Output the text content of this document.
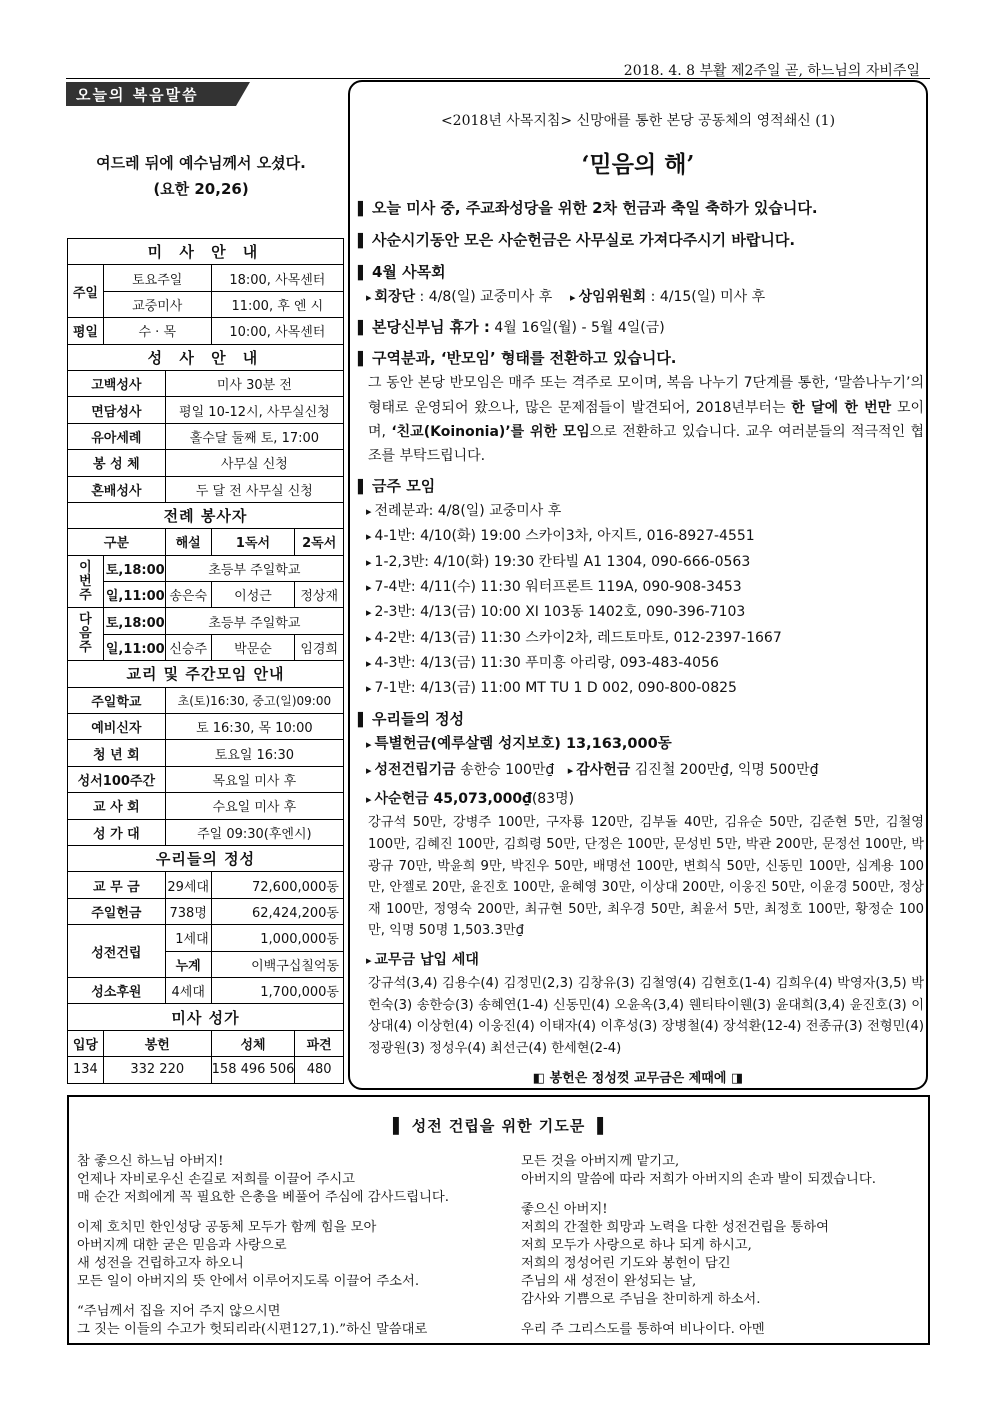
2018. 4. 8 부활 제2주일 곧, 하느님의 자비주일
오늘의 복음말씀
여드레 뒤에 예수님께서 오셨다.
(요한 20,26)
미 사 안 내				
주일	토요주일		18:00, 사목센터	
	교중미사		11:00, 후 엔 시	
평일	수 · 목		10:00, 사목센터	
성 사 안 내				
고백성사		미사 30분 전		
면담성사		평일 10-12시, 사무실신청		
유아세례		홀수달 둘째 토, 17:00		
봉 성 체		사무실 신청		
혼배성사		두 달 전 사무실 신청		
전례 봉사자				
구분		해설	1독서	2독서

이번주	토,18:00	초등부 주일학교		
	일,11:00	송은숙	이성근	정상재

다음주	토,18:00	초등부 주일학교		
	일,11:00	신승주	박문순	임경희
교리 및 주간모임 안내				
주일학교		초(토)16:30, 중고(일)09:00		
예비신자		토 16:30, 목 10:00		
청 년 회		토요일 16:30		
성서100주간		목요일 미사 후		
교 사 회		수요일 미사 후		
성 가 대		주일 09:30(후엔시)		
우리들의 정성				
교 무 금		29세대	72,600,000동	
주일헌금		738명	62,424,200동	
성전건립		1세대	1,000,000동	
		누계	이백구십칠억동	
성소후원		4세대	1,700,000동	
미사 성가				
입당	봉헌		성체	파견
134	332 220		158 496 506	480
<2018년 사목지침> 신망애를 통한 본당 공동체의 영적쇄신 (1)
‘믿음의 해’

▌ 오늘 미사 중, 주교좌성당을 위한 2차 헌금과 축일 축하가 있습니다.

▌ 사순시기동안 모은 사순헌금은 사무실로 가져다주시기 바랍니다.

▌ 4월 사목회

▸ 회장단 : 4/8(일) 교중미사 후 ▸ 상임위원회 : 4/15(일) 미사 후

▌ 본당신부님 휴가 : 4월 16일(월) - 5월 4일(금)

▌ 구역분과, ‘반모임’ 형태를 전환하고 있습니다.

그 동안 본당 반모임은 매주 또는 격주로 모이며, 복음 나누기 7단계를 통한, ‘말씀나누기’의 형태로 운영되어 왔으나, 많은 문제점들이 발견되어, 2018년부터는 한 달에 한 번만 모이며, ‘친교(Koinonia)’를 위한 모임으로 전환하고 있습니다. 교우 여러분들의 적극적인 협조를 부탁드립니다.

▌ 금주 모임

▸ 전례분과: 4/8(일) 교중미사 후

▸ 4-1반: 4/10(화) 19:00 스카이3차, 아지트, 016-8927-4551

▸ 1-2,3반: 4/10(화) 19:30 칸타빌 A1 1304, 090-666-0563

▸ 7-4반: 4/11(수) 11:30 워터프론트 119A, 090-908-3453

▸ 2-3반: 4/13(금) 10:00 XI 103동 1402호, 090-396-7103

▸ 4-2반: 4/13(금) 11:30 스카이2차, 레드토마토, 012-2397-1667

▸ 4-3반: 4/13(금) 11:30 푸미흥 아리랑, 093-483-4056

▸ 7-1반: 4/13(금) 11:00 MT TU 1 D 002, 090-800-0825

▌ 우리들의 정성

▸ 특별헌금(예루살렘 성지보호) 13,163,000동

▸ 성전건립기금 송한승 100만₫ ▸ 감사헌금 김진철 200만₫, 익명 500만₫

▸ 사순헌금 45,073,000₫(83명)

강규석 50만, 강병주 100만, 구자룡 120만, 김부돌 40만, 김유순 50만, 김준현 5만, 김철영 100만, 김혜진 100만, 김희령 50만, 단정은 100만, 문성빈 5만, 박관 200만, 문정선 100만, 박광규 70만, 박윤희 9만, 박진우 50만, 배명선 100만, 변희식 50만, 신동민 100만, 심계용 100만, 안젤로 20만, 윤진호 100만, 윤혜영 30만, 이상대 200만, 이웅진 50만, 이윤경 500만, 정상재 100만, 정영숙 200만, 최규현 50만, 최우경 50만, 최윤서 5만, 최정호 100만, 황정순 100만, 익명 50명 1,503.3만₫

▸ 교무금 납입 세대

강규석(3,4) 김용수(4) 김정민(2,3) 김창유(3) 김철영(4) 김현호(1-4) 김희우(4) 박영자(3,5) 박헌숙(3) 송한승(3) 송혜연(1-4) 신동민(4) 오윤옥(3,4) 웬티타이웬(3) 윤대희(3,4) 윤진호(3) 이상대(4) 이상헌(4) 이웅진(4) 이태자(4) 이후성(3) 장병철(4) 장석환(12-4) 전종규(3) 전형민(4) 정광원(3) 정성우(4) 최선근(4) 한세현(2-4)

◧ 봉헌은 정성껏 교무금은 제때에 ◨
▌ 성전 건립을 위한 기도문 ▐

참 좋으신 하느님 아버지!

언제나 자비로우신 손길로 저희를 이끌어 주시고

매 순간 저희에게 꼭 필요한 은총을 베풀어 주심에 감사드립니다.

이제 호치민 한인성당 공동체 모두가 함께 힘을 모아

아버지께 대한 굳은 믿음과 사랑으로

새 성전을 건립하고자 하오니

모든 일이 아버지의 뜻 안에서 이루어지도록 이끌어 주소서.

“주님께서 집을 지어 주지 않으시면

그 짓는 이들의 수고가 헛되리라(시편127,1).”하신 말씀대로

모든 것을 아버지께 맡기고,

아버지의 말씀에 따라 저희가 아버지의 손과 발이 되겠습니다.

좋으신 아버지!

저희의 간절한 희망과 노력을 다한 성전건립을 통하여

저희 모두가 사랑으로 하나 되게 하시고,

저희의 정성어린 기도와 봉헌이 담긴

주님의 새 성전이 완성되는 날,

감사와 기쁨으로 주님을 찬미하게 하소서.

우리 주 그리스도를 통하여 비나이다. 아멘
